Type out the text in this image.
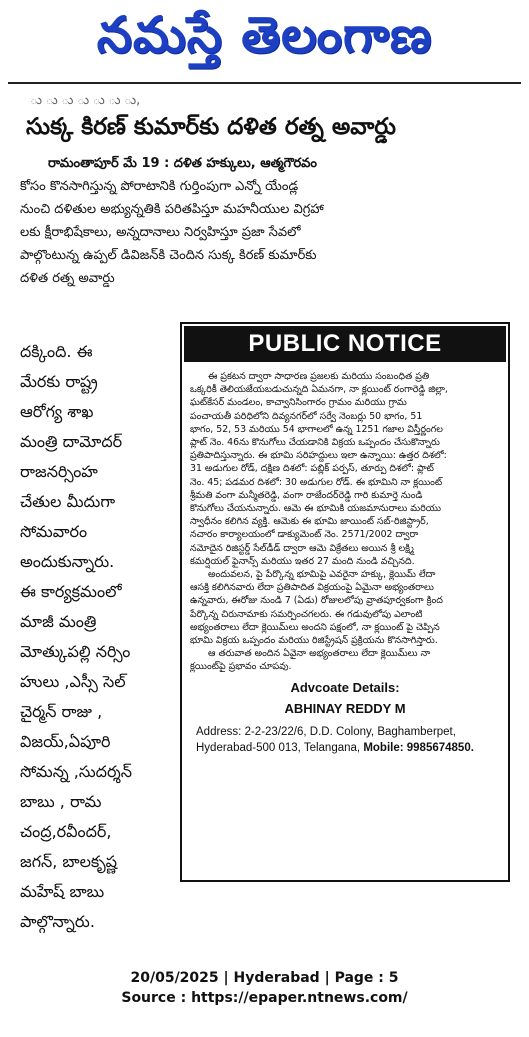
నమస్తే తెలంగాణ
ు ు ు ు ు ు ు,
సుక్క కిరణ్ కుమార్‌కు దళిత రత్న అవార్డు

రామంతాపూర్ మే 19 : దళిత హక్కులు, ఆత్మగౌరవం

కోసం కొనసాగిస్తున్న పోరాటానికి గుర్తింపుగా ఎన్నో యేండ్ల

నుంచి దళితుల అభ్యున్నతికి పరితపిస్తూ మహనీయుల విగ్రహా

లకు క్షీరాభిషేకాలు, అన్నదానాలు నిర్వహిస్తూ ప్రజా సేవలో

పాల్గొంటున్న ఉప్పల్ డివిజన్‌కి చెందిన సుక్క కిరణ్ కుమార్‌కు

దళిత రత్న అవార్డు

దక్కింది. ఈ

మేరకు రాష్ట్ర

ఆరోగ్య శాఖ

మంత్రి దామోదర్

రాజనర్సింహ

చేతుల మీదుగా

సోమవారం

అందుకున్నారు.

ఈ కార్యక్రమంలో

మాజీ మంత్రి

మోత్కుపల్లి నర్సిం

హులు ,ఎస్సీ సెల్

చైర్మన్ రాజు ,

విజయ్,ఏపూరి

సోమన్న ,సుదర్శన్

బాబు , రామ

చంద్ర,రవీందర్,

జగన్, బాలకృష్ణ

మహేష్ బాబు

పాల్గొన్నారు.

PUBLIC NOTICE

ఈ ప్రకటన ద్వారా సాధారణ ప్రజలకు మరియు సంబంధిత ప్రతి

ఒక్కరికీ తెలియజేయబడుచున్నది ఏమనగా, నా క్లయింట్ రంగారెడ్డి జిల్లా,

ఘట్‌కేసర్ మండలం, కాచ్వానిసింగారం గ్రామం మరియు గ్రామ

పంచాయతీ పరిధిలోని దివ్యనగర్‌లో సర్వే నెంబర్లు 50 భాగం, 51

భాగం, 52, 53 మరియు 54 భాగాలలో ఉన్న 1251 గజాల విస్తీర్ణంగల

ప్లాట్ నెం. 46ను కొనుగోలు చేయడానికి విక్రయ ఒప్పందం చేసుకొన్నారు

ప్రతిపాదిస్తున్నారు. ఈ భూమి సరిహద్దులు ఇలా ఉన్నాయి: ఉత్తర దిశలో:

31 అడుగుల రోడ్, దక్షిణ దిశలో: పబ్లిక్ పర్పస్, తూర్పు దిశలో: ప్లాట్

నెం. 45; పడమర దిశలో: 30 అడుగుల రోడ్. ఈ భూమిని నా క్లయింట్

శ్రీమతి వంగా మన్మీతరెడ్డి, వంగా రాజేందర్‌రెడ్డి గారి కుమార్తె నుండి

కొనుగోలు చేయనున్నారు. ఆమె ఈ భూమికి యజమానురాలు మరియు

స్వాధీనం కలిగిన వ్యక్తి. ఆమెకు ఈ భూమి జాయింట్ సబ్-రిజిస్ట్రార్,

నచారం కార్యాలయంలో డాక్యుమెంట్ నెం. 2571/2002 ద్వారా

నమోదైన రిజిస్టర్డ్ సేల్‌డీడ్ ద్వారా ఆమె విక్రేతలు అయిన శ్రీ లక్ష్మి

కమర్షియల్ ఫైనాన్స్ మరియు ఇతర 27 మంది నుండి వచ్చినది.

అందువలన, పై పేర్కొన్న భూమిపై ఎవరైనా హక్కు, క్లెయిమ్ లేదా

ఆసక్తి కలిగినవారు లేదా ప్రతిపాదిత విక్రయంపై ఏమైనా అభ్యంతరాలు

ఉన్నవారు, ఈరోజు నుండి 7 (ఏడు) రోజులలోపు వ్రాతపూర్వకంగా క్రింద

పేర్కొన్న చిరునామాకు సమర్పించగలరు. ఈ గడువులోపు ఎలాంటి

అభ్యంతరాలు లేదా క్లెయిమ్‌లు అందని పక్షంలో, నా క్లయింట్ పై చెప్పిన

భూమి విక్రయ ఒప్పందం మరియు రిజిస్ట్రేషన్ ప్రక్రియను కొనసాగిస్తారు.

ఆ తరువాత అందిన ఏవైనా అభ్యంతరాలు లేదా క్లెయిమ్‌లు నా

క్లయింట్‌పై ప్రభావం చూపవు.

Advcoate Details:
ABHINAY REDDY M
Address: 2-2-23/22/6, D.D. Colony, Baghamberpet,
Hyderabad-500 013, Telangana, Mobile: 9985674850.
20/05/2025 | Hyderabad | Page : 5
Source : https://epaper.ntnews.com/
